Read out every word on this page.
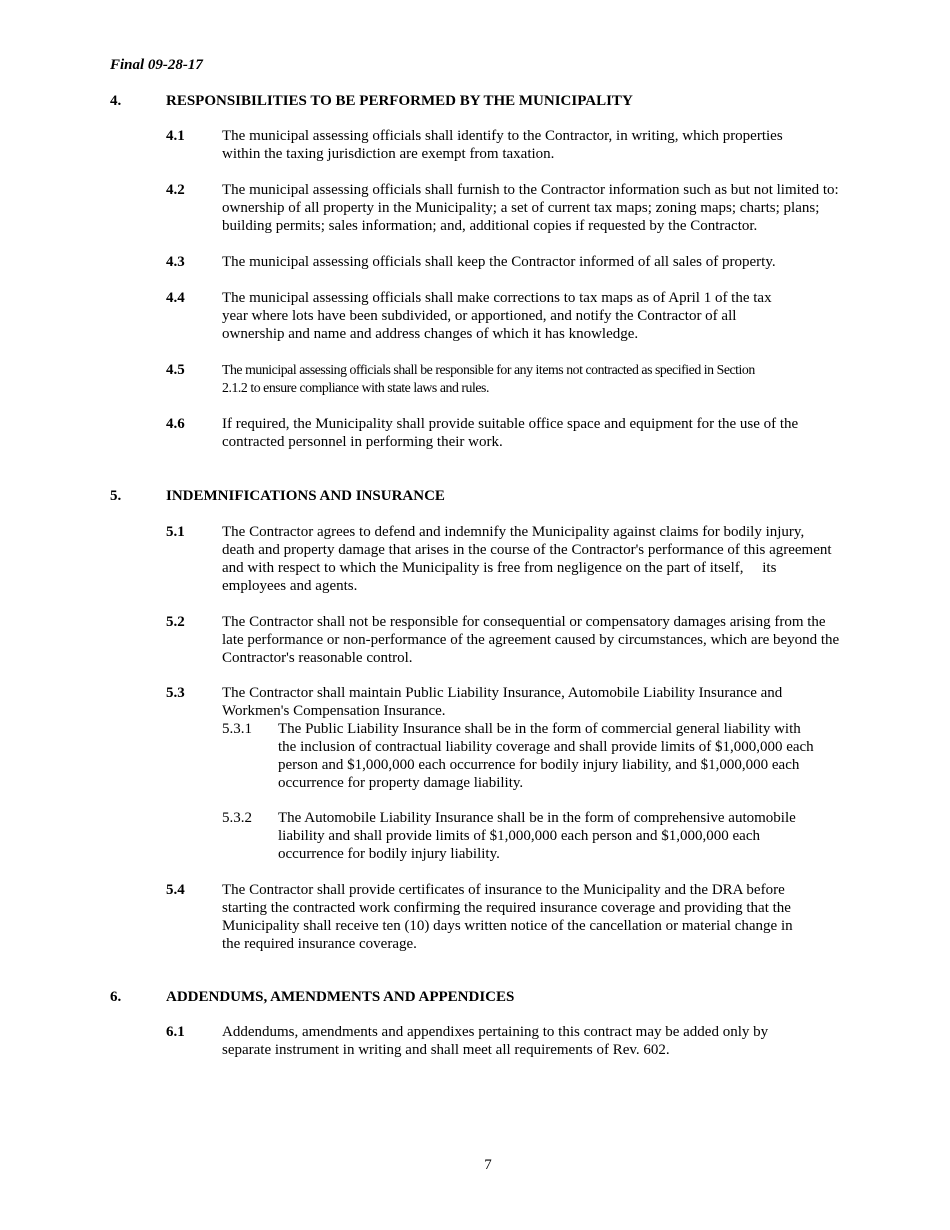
Final 09-28-17
4.	RESPONSIBILITIES TO BE PERFORMED BY THE MUNICIPALITY
4.1 The municipal assessing officials shall identify to the Contractor, in writing, which properties
within the taxing jurisdiction are exempt from taxation.
4.2 The municipal assessing officials shall furnish to the Contractor information such as but not limited to:
ownership of all property in the Municipality; a set of current tax maps; zoning maps; charts; plans;
building permits; sales information; and, additional copies if requested by the Contractor.
4.3 The municipal assessing officials shall keep the Contractor informed of all sales of property.
4.4 The municipal assessing officials shall make corrections to tax maps as of April 1 of the tax
year where lots have been subdivided, or apportioned, and notify the Contractor of all
ownership and name and address changes of which it has knowledge.
4.5	The municipal assessing officials shall be responsible for any items not contracted as specified in Section
2.1.2 to ensure compliance with state laws and rules.
4.6 If required, the Municipality shall provide suitable office space and equipment for the use of the
contracted personnel in performing their work.
5.	INDEMNIFICATIONS AND INSURANCE
5.1 The Contractor agrees to defend and indemnify the Municipality against claims for bodily injury,
death and property damage that arises in the course of the Contractor's performance of this agreement
and with respect to which the Municipality is free from negligence on the part of itself,     its
employees and agents.
5.2 The Contractor shall not be responsible for consequential or compensatory damages arising from the
late performance or non-performance of the agreement caused by circumstances, which are beyond the
Contractor's reasonable control.
5.3 The Contractor shall maintain Public Liability Insurance, Automobile Liability Insurance and
Workmen's Compensation Insurance.
5.3.1 The Public Liability Insurance shall be in the form of commercial general liability with
the inclusion of contractual liability coverage and shall provide limits of $1,000,000 each
person and $1,000,000 each occurrence for bodily injury liability, and $1,000,000 each
occurrence for property damage liability.
5.3.2 The Automobile Liability Insurance shall be in the form of comprehensive automobile
liability and shall provide limits of $1,000,000 each person and $1,000,000 each
occurrence for bodily injury liability.
5.4 The Contractor shall provide certificates of insurance to the Municipality and the DRA before
starting the contracted work confirming the required insurance coverage and providing that the
Municipality shall receive ten (10) days written notice of the cancellation or material change in
the required insurance coverage.
6.	ADDENDUMS, AMENDMENTS AND APPENDICES
6.1 Addendums, amendments and appendixes pertaining to this contract may be added only by
separate instrument in writing and shall meet all requirements of Rev. 602.
7
